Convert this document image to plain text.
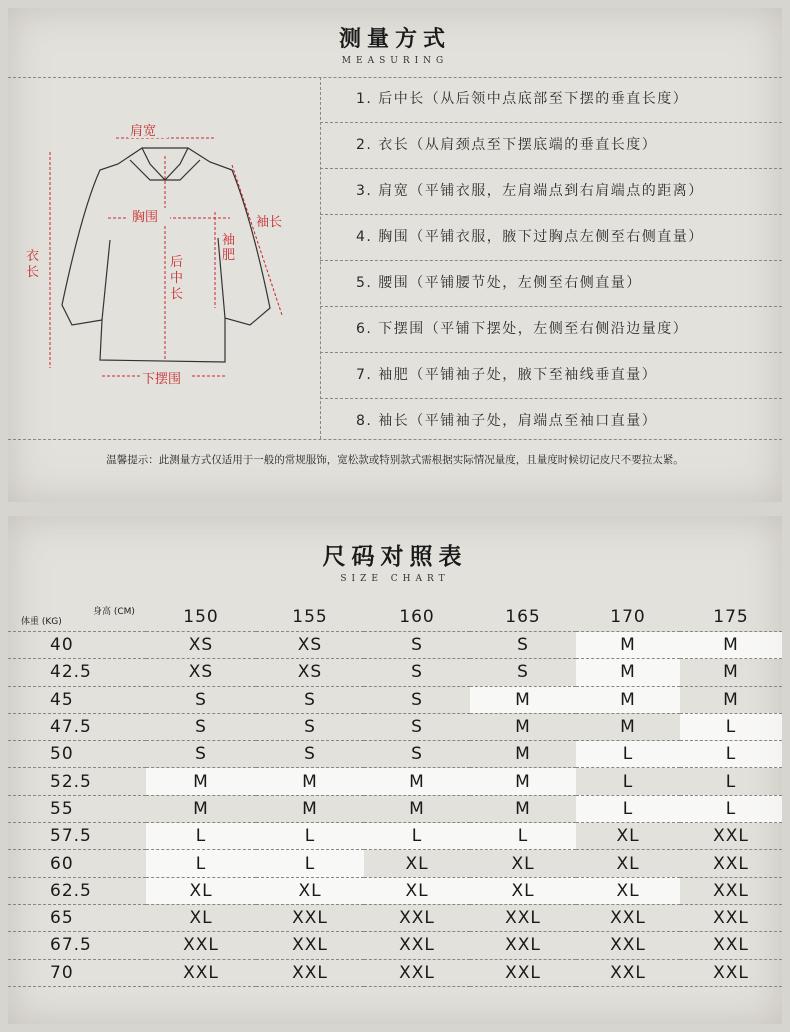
测量方式
MEASURING
肩宽
胸围	袖长
袖肥
后中长
衣长
下摆围
1. 后中长（从后领中点底部至下摆的垂直长度）
2. 衣长（从肩颈点至下摆底端的垂直长度）
3. 肩宽（平铺衣服，左肩端点到右肩端点的距离）
4. 胸围（平铺衣服，腋下过胸点左侧至右侧直量）
5. 腰围（平铺腰节处，左侧至右侧直量）
6. 下摆围（平铺下摆处，左侧至右侧沿边量度）
7. 袖肥（平铺袖子处，腋下至袖线垂直量）
8. 袖长（平铺袖子处，肩端点至袖口直量）
温馨提示：此测量方式仅适用于一般的常规服饰，宽松款或特别款式需根据实际情况量度，且量度时候切记皮尺不要拉太紧。
尺码对照表
SIZE CHART
体重 (KG)
身高 (CM)	150	155	160	165	170	175
40	XS	XS	S	S	M	M
42.5	XS	XS	S	S	M	M
45	S	S	S	M	M	M
47.5	S	S	S	M	M	L
50	S	S	S	M	L	L
52.5	M	M	M	M	L	L
55	M	M	M	M	L	L
57.5	L	L	L	L	XL	XXL
60	L	L	XL	XL	XL	XXL
62.5	XL	XL	XL	XL	XL	XXL
65	XL	XXL	XXL	XXL	XXL	XXL
67.5	XXL	XXL	XXL	XXL	XXL	XXL
70	XXL	XXL	XXL	XXL	XXL	XXL
